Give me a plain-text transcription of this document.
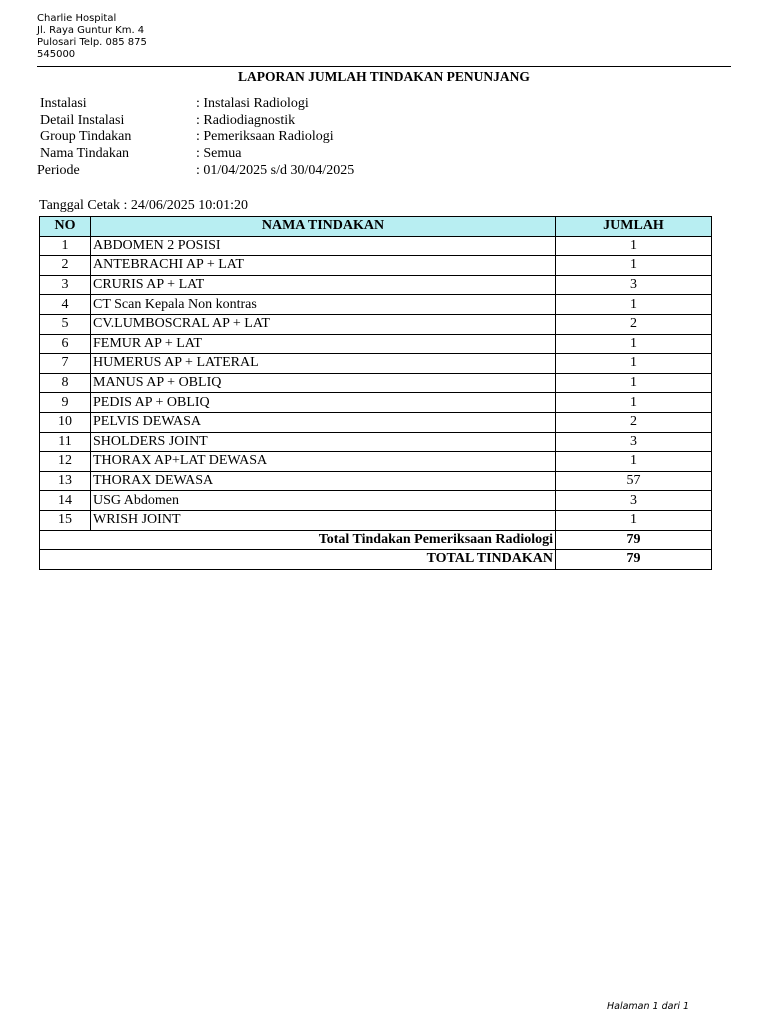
Charlie Hospital
Jl. Raya Guntur Km. 4
Pulosari Telp. 085 875
545000
LAPORAN JUMLAH TINDAKAN PENUNJANG
Instalasi	: Instalasi Radiologi
Detail Instalasi	: Radiodiagnostik
Group Tindakan	: Pemeriksaan Radiologi
Nama Tindakan	: Semua
Periode	: 01/04/2025 s/d 30/04/2025
Tanggal Cetak : 24/06/2025 10:01:20
NO	NAMA TINDAKAN	JUMLAH
1	ABDOMEN 2 POSISI	1
2	ANTEBRACHI AP + LAT	1
3	CRURIS AP + LAT	3
4	CT Scan Kepala Non kontras	1
5	CV.LUMBOSCRAL AP + LAT	2
6	FEMUR AP + LAT	1
7	HUMERUS AP + LATERAL	1
8	MANUS AP + OBLIQ	1
9	PEDIS AP + OBLIQ	1
10	PELVIS DEWASA	2
11	SHOLDERS JOINT	3
12	THORAX AP+LAT DEWASA	1
13	THORAX DEWASA	57
14	USG Abdomen	3
15	WRISH JOINT	1
Total Tindakan Pemeriksaan Radiologi		79
TOTAL TINDAKAN		79
Halaman 1 dari 1
